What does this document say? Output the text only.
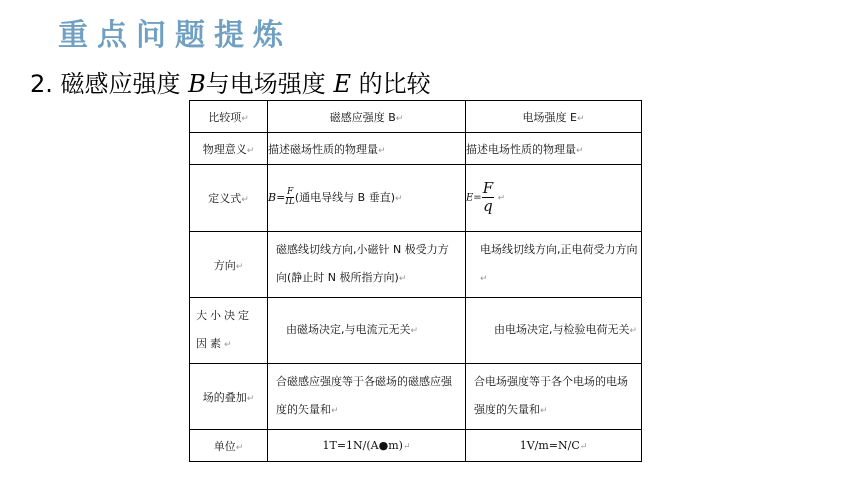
重点问题提炼
2. 磁感应强度 B与电场强度 E 的比较
比较项↵	磁感应强度 B↵	电场强度 E↵
物理意义↵	描述磁场性质的物理量↵	描述电场性质的物理量↵
定义式↵	$B= \frac{F}{IL}$ (通电导线与 B 垂直)↵	$E= \frac{F}{q}$ ↵
方向↵	磁感线切线方向,小磁针 N 极受力方向(静止时 N 极所指方向)↵	电场线切线方向,正电荷受力方向↵

大小决定因素↵	由磁场决定,与电流元无关↵	由电场决定,与检验电荷无关↵

场的叠加↵	合磁感应强度等于各磁场的磁感应强度的矢量和↵	合电场强度等于各个电场的电场强度的矢量和↵

单位↵	1T=1N/(A●m)↵	1V/m=N/C↵
